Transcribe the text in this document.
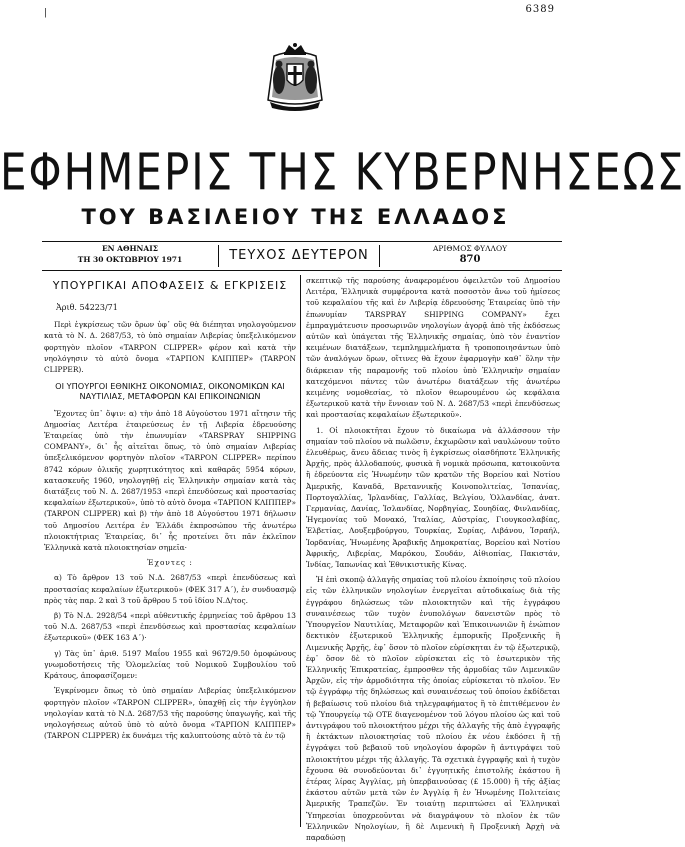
|	6389
ΕΦΗΜΕΡΙΣ ΤΗΣ ΚΥΒΕΡΝΗΣΕΩΣ
ΤΟΥ ΒΑΣΙΛΕΙΟΥ ΤΗΣ ΕΛΛΑΔΟΣ
ΕΝ ΑΘΗΝΑΙΣ
ΤΗ 30 ΟΚΤΩΒΡΙΟΥ 1971	ΤΕΥΧΟΣ ΔΕΥΤΕΡΟΝ	ΑΡΙΘΜΟΣ ΦΥΛΛΟΥ
870
ΥΠΟΥΡΓΙΚΑΙ ΑΠΟΦΑΣΕΙΣ & ΕΓΚΡΙΣΕΙΣ
Ἀριθ. 54223/71

Περὶ ἐγκρίσεως τῶν ὅρων ὑφ᾽ οὓς θὰ διέπηται νηολογούμενον κατὰ τὸ Ν. Δ. 2687/53, τὸ ὑπὸ σημαίαν Λιβερίας ὑπεξελικόμενον φορτηγὸν πλοῖον «TARPON CLIPPER» φέρον καὶ κατὰ τὴν νηολόγησιν τὸ αὐτὸ ὄνομα «ΤΑΡΠΟΝ ΚΛΙΠΠΕΡ» (TARPON CLIPPER).

ΟΙ ΥΠΟΥΡΓΟΙ ΕΘΝΙΚΗΣ ΟΙΚΟΝΟΜΙΑΣ, ΟΙΚΟΝΟΜΙΚΩΝ ΚΑΙ ΝΑΥΤΙΛΙΑΣ, ΜΕΤΑΦΟΡΩΝ ΚΑΙ ΕΠΙΚΟΙΝΩΝΙΩΝ

Ἔχοντες ὑπ᾽ ὄψιν: α) τὴν ἀπὸ 18 Αὐγούστου 1971 αἴτησιν τῆς Δημοσίας Λειτέρα ἑταιρεύσεως ἐν τῇ Λιβερία ἑδρευούσης Ἑταιρείας ὑπὸ τὴν ἐπωνυμίαν «TARSPRAY SHIPPING COMPANY», δι᾽ ἧς αἰτεῖται ὅπως, τὸ ὑπὸ σημαίαν Λιβερίας ὑπεξελικόμενον φορτηγὸν πλοῖον «TARPON CLIPPER» περίπου 8742 κόρων ὁλικῆς χωρητικότητος καὶ καθαρᾶς 5954 κόρων, κατασκευῆς 1960, νηολογηθῇ εἰς Ἑλληνικὴν σημαίαν κατὰ τὰς διατάξεις τοῦ Ν. Δ. 2687/1953 «περὶ ἐπενδύσεως καὶ προστασίας κεφαλαίων ἐξωτερικοῦ», ὑπὸ τὸ αὐτὸ ὄνομα «ΤΑΡΠΟΝ ΚΛΙΠΠΕΡ» (TARPON CLIPPER) καὶ β) τὴν ἀπὸ 18 Αὐγούστου 1971 δήλωσιν τοῦ Δημοσίου Λειτέρα ἐν Ἑλλάδι ἑκπροσώπου τῆς ἀνωτέρω πλοιοκτήτριας Ἑταιρείας, δι᾽ ἧς προτείνει ὅτι πᾶν ἐκλεῖπον Ἑλληνικὰ κατὰ πλοιοκτησίαν σημεῖα·

Ἐχοντες :

α) Τὸ ἄρθρον 13 τοῦ Ν.Δ. 2687/53 «περὶ ἐπενδύσεως καὶ προστασίας κεφαλαίων ἐξωτερικοῦ» (ΦΕΚ 317 Α΄), ἐν συνδυασμῷ πρὸς τὰς παρ. 2 καὶ 3 τοῦ ἄρθρου 5 τοῦ ἰδίου Ν.Δ/τος.

β) Τὸ Ν.Δ. 2928/54 «περὶ αὐθεντικῆς ἑρμηνείας τοῦ ἄρθρου 13 τοῦ Ν.Δ. 2687/53 «περὶ ἐπενδύσεως καὶ προστασίας κεφαλαίων ἐξωτερικοῦ» (ΦΕΚ 163 Α΄)·

γ) Τὰς ὑπ᾽ ἀριθ. 5197 Μαΐου 1955 καὶ 9672/9.50 ὁμοφώνους γνωμοδοτήσεις τῆς Ὁλομελείας τοῦ Νομικοῦ Συμβουλίου τοῦ Κράτους, ἀποφασίζομεν:

Ἐγκρίνομεν ὅπως τὸ ὑπὸ σημαίαν Λιβερίας ὑπεξελικόμενον φορτηγὸν πλοῖον «TARPON CLIPPER», ὑπαχθῇ εἰς τὴν ἐγγύηλον νηολογίαν κατὰ τὸ Ν.Δ. 2687/53 τῆς παρούσης ὑπαγωγῆς, καὶ τῆς νηολογήσεως αὐτοῦ ὑπὸ τὸ αὐτὸ ὄνομα «ΤΑΡΠΟΝ ΚΛΙΠΠΕΡ» (TARPON CLIPPER) ἐκ δυνάμει τῆς καλυπτούσης αὐτὸ τὰ ἐν τῷ

σκεπτικῷ τῆς παρούσης ἀναφερομένου ὀφειλετῶν τοῦ Δημοσίου Λειτέρα, Ἑλληνικὰ συμφέροντα κατὰ ποσοστὸν ἄνω τοῦ ἡμίσεος τοῦ κεφαλαίου τῆς καὶ ἐν Λιβερίᾳ ἑδρευούσης Ἑταιρείας ὑπὸ τὴν ἐπωνυμίαν TARSPRAY SHIPPING COMPANY» ἔχει ἐμπραγμάτευσιν προσωρινῶν νηολογίων ἀγορᾷ ἀπὸ τῆς ἐκδόσεως αὐτῶν καὶ ὑπάγεται τῆς Ἑλληνικῆς σημαίας, ὑπὸ τὸν ἐναντίον κειμένων διατάξεων, τεμπλημμελήματα ἢ τροποποιησάντων ὑπὸ τῶν ἀναλόγων ὅρων, οἵτινες θὰ ἔχουν ἐφαρμογὴν καθ᾽ ὅλην τὴν διάρκειαν τῆς παραμονῆς τοῦ πλοίου ὑπὸ Ἑλληνικὴν σημαίαν κατεχόμενοι πάντες τῶν ἀνωτέρω διατάξεων τῆς ἀνωτέρω κειμένης νομοθεσίας, τὸ πλοῖον θεωρουμένου ὡς κεφάλαια ἐξωτερικοῦ κατὰ τὴν ἔννοιαν τοῦ Ν. Δ. 2687/53 «περὶ ἐπενδύσεως καὶ προστασίας κεφαλαίων ἐξωτερικοῦ».

1. Οἱ πλοιοκτῆται ἔχουν τὸ δικαίωμα νὰ ἀλλάσσουν τὴν σημαίαν τοῦ πλοίου νὰ πωλῶσιν, ἐκχωρῶσιν καὶ ναυλώνουν τοῦτο ἐλευθέρως, ἄνευ ἄδειας τινὸς ἢ ἐγκρίσεως οἱασδήποτε Ἑλληνικῆς Ἀρχῆς, πρὸς ἀλλοδαπούς, φυσικὰ ἢ νομικὰ πρόσωπα, κατοικοῦντα ἢ ἑδρεύοντα εἰς Ἡνωμένην τῶν κρατῶν τῆς Βορείου καὶ Νοτίου Ἀμερικῆς, Καναδᾶ, Βρεταννικῆς Κοινοπολιτείας, Ἰσπανίας, Πορτογαλλίας, Ἰρλανδίας, Γαλλίας, Βελγίου, Ὁλλανδίας, ἀνατ. Γερμανίας, Δανίας, Ἰσλανδίας, Νορβηγίας, Σουηδίας, Φινλανδίας, Ἡγεμονίας τοῦ Μονακό, Ἰταλίας, Αὐστρίας, Γιουγκοσλαβίας, Ἑλβετίας, Λουξεμβούργου, Τουρκίας, Συρίας, Λιβάνου, Ἰσραήλ, Ἰορδανίας, Ἡνωμένης Ἀραβικῆς Δημοκρατίας, Βορείου καὶ Νοτίου Ἀφρικῆς, Λιβερίας, Μαρόκου, Σουδάν, Αἰθιοπίας, Πακιστάν, Ἰνδίας, Ἰαπωνίας καὶ Ἐθνικιστικῆς Κίνας.

Ἡ ἐπὶ σκοπῷ ἀλλαγῆς σημαίας τοῦ πλοίου ἐκποίησις τοῦ πλοίου εἰς τῶν ἑλληνικῶν νηολογίων ἐνεργεῖται αὐτοδικαίως διὰ τῆς ἐγγράφου δηλώσεως τῶν πλοιοκτητῶν καὶ τῆς ἐγγράφου συναινέσεως τῶν τυχὸν ἐνυπολόγων δανειστῶν πρὸς τὸ Ὑπουργεῖον Ναυτιλίας, Μεταφορῶν καὶ Ἐπικοινωνιῶν ἢ ἐνώπιον δεκτικὸν ἐξωτερικοῦ Ἑλληνικῆς ἐμπορικῆς Προξενικῆς ἢ Λιμενικῆς Ἀρχῆς, ἐφ᾽ ὅσον τὸ πλοῖον εὑρίσκηται ἐν τῷ ἐξωτερικῷ, ἐφ᾽ ὅσον δὲ τὸ πλοῖον εὑρίσκεται εἰς τὸ ἐσωτερικὸν τῆς Ἑλληνικῆς Ἐπικρατείας, ἐμπροσθεν τῆς ἁρμοδίας τῶν Λιμενικῶν Ἀρχῶν, εἰς τὴν ἁρμοδιότητα τῆς ὁποίας εὑρίσκεται τὸ πλοῖον. Ἐν τῷ ἐγγράφῳ τῆς δηλώσεως καὶ συναινέσεως τοῦ ὁποίου ἐκδίδεται ἡ βεβαίωσις τοῦ πλοίου διὰ τηλεγραφήματος ἢ τὸ ἐπιτιθέμενον ἐν τῷ Ὑπουργείῳ τῷ ΟΤΕ διαγενομένον τοῦ λόγου πλοίου ὡς καὶ τοῦ ἀντιγράφου τοῦ πλοιοκτήτου μέχρι τῆς ἀλλαγῆς τῆς ἀπὸ ἐγγραφῆς ἢ ἐκτάκτων πλοιοκτησίας τοῦ πλοίου ἐκ νέου ἐκδόσει ἢ τῇ ἐγγράψει τοῦ βεβαιοῦ τοῦ νηολογίου ἀφορῶν ἢ ἀντιγράψει τοῦ πλοιοκτήτου μέχρι τῆς ἀλλαγῆς. Τὰ σχετικὰ ἐγγραφῆς καὶ ἡ τυχὸν ἔχουσα θὰ συνοδεύονται δι᾽ ἐγγυητικῆς ἐπιστολῆς ἑκάστου ἢ ἐτέρας λίρας Ἀγγλίας, μὴ ὑπερβαινούσας (£ 15.000) ἢ τῆς ἀξίας ἑκάστου αὐτῶν μετὰ τῶν ἐν Ἀγγλίᾳ ἢ ἐν Ἡνωμένης Πολιτείαις Ἀμερικῆς Τραπεζῶν. Ἐν τοιαύτῃ περιπτώσει αἱ Ἑλληνικαὶ Ὑπηρεσίαι ὑποχρεοῦνται νὰ διαγράψουν τὸ πλοῖον ἐκ τῶν Ἑλληνικῶν Νηολογίων, ἢ δὲ Λιμενικὴ ἢ Προξενικὴ Ἀρχὴ νὰ παραδώσῃ
